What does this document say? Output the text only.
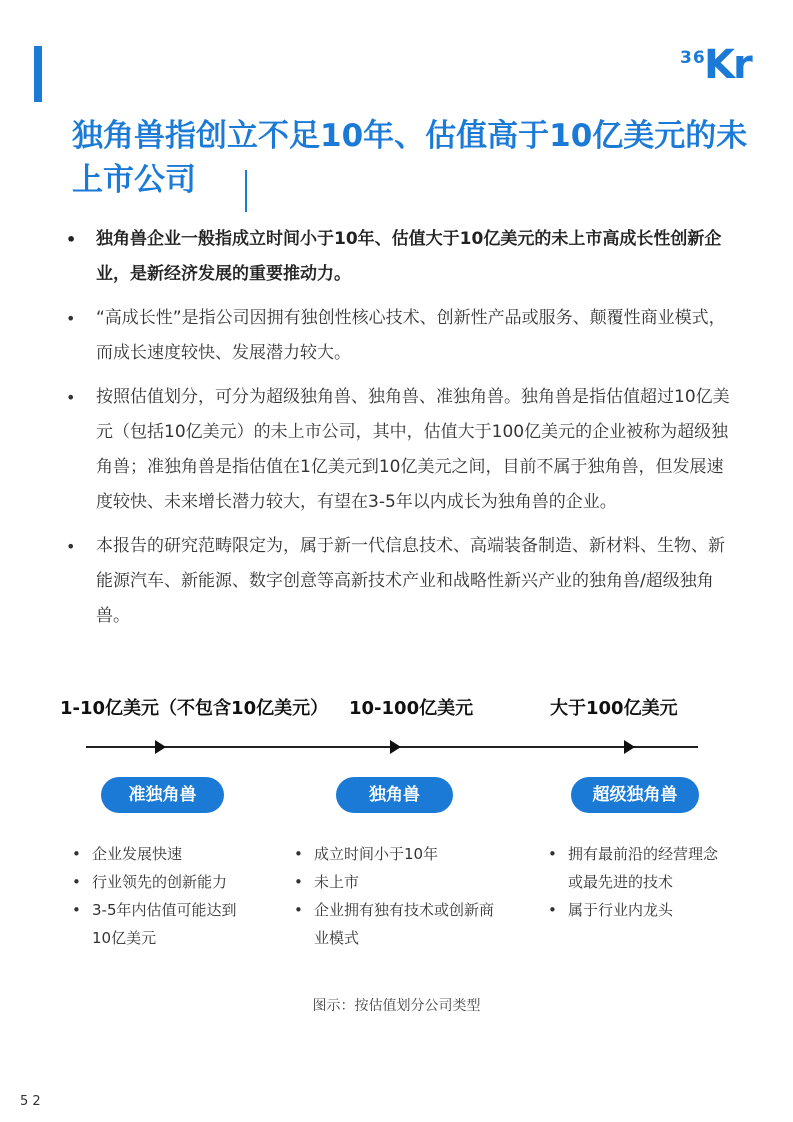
36
Kr
独角兽指创立不足10年、估值高于10亿美元的未上市公司
• 独角兽企业一般指成立时间小于10年、估值大于10亿美元的未上市高成长性创新企业，是新经济发展的重要推动力。
• “高成长性”是指公司因拥有独创性核心技术、创新性产品或服务、颠覆性商业模式，而成长速度较快、发展潜力较大。
• 按照估值划分，可分为超级独角兽、独角兽、准独角兽。独角兽是指估值超过10亿美元（包括10亿美元）的未上市公司，其中，估值大于100亿美元的企业被称为超级独角兽；准独角兽是指估值在1亿美元到10亿美元之间，目前不属于独角兽，但发展速度较快、未来增长潜力较大，有望在3-5年以内成长为独角兽的企业。
• 本报告的研究范畴限定为，属于新一代信息技术、高端装备制造、新材料、生物、新能源汽车、新能源、数字创意等高新技术产业和战略性新兴产业的独角兽/超级独角兽。
1-10亿美元（不包含10亿美元） 10-100亿美元	大于100亿美元
准独角兽	独角兽	超级独角兽
• 企业发展快速
• 行业领先的创新能力
• 3-5年内估值可能达到10亿美元
• 成立时间小于10年
• 未上市
• 企业拥有独有技术或创新商业模式
• 拥有最前沿的经营理念或最先进的技术
• 属于行业内龙头
图示：按估值划分公司类型
5 2
